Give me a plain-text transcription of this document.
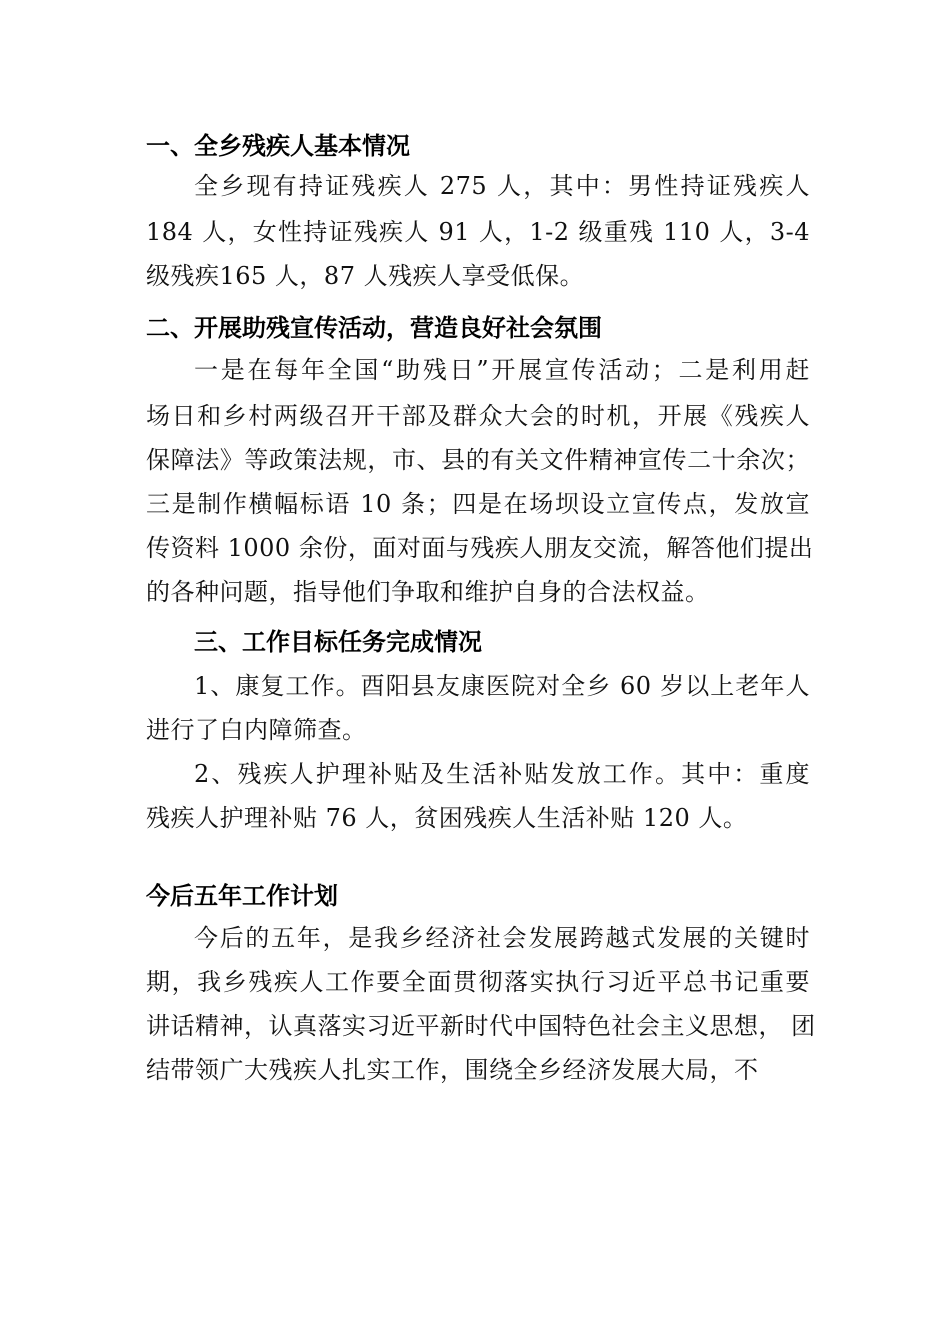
一、全乡残疾人基本情况
全乡现有持证残疾人 275 人，其中：男性持证残疾人
184 人，女性持证残疾人 91 人，1-2 级重残 110 人，3-4
级残疾165 人，87 人残疾人享受低保。
二、开展助残宣传活动，营造良好社会氛围
一是在每年全国“助残日”开展宣传活动；二是利用赶
场日和乡村两级召开干部及群众大会的时机，开展《残疾人
保障法》等政策法规，市、县的有关文件精神宣传二十余次；
三是制作横幅标语 10 条；四是在场坝设立宣传点，发放宣
传资料 1000 余份，面对面与残疾人朋友交流，解答他们提出
的各种问题，指导他们争取和维护自身的合法权益。
三、工作目标任务完成情况
1、康复工作。酉阳县友康医院对全乡 60 岁以上老年人
进行了白内障筛查。
2、残疾人护理补贴及生活补贴发放工作。其中：重度
残疾人护理补贴 76 人，贫困残疾人生活补贴 120 人。
今后五年工作计划
今后的五年，是我乡经济社会发展跨越式发展的关键时
期，我乡残疾人工作要全面贯彻落实执行习近平总书记重要
讲话精神，认真落实习近平新时代中国特色社会主义思想， 团
结带领广大残疾人扎实工作，围绕全乡经济发展大局，不
